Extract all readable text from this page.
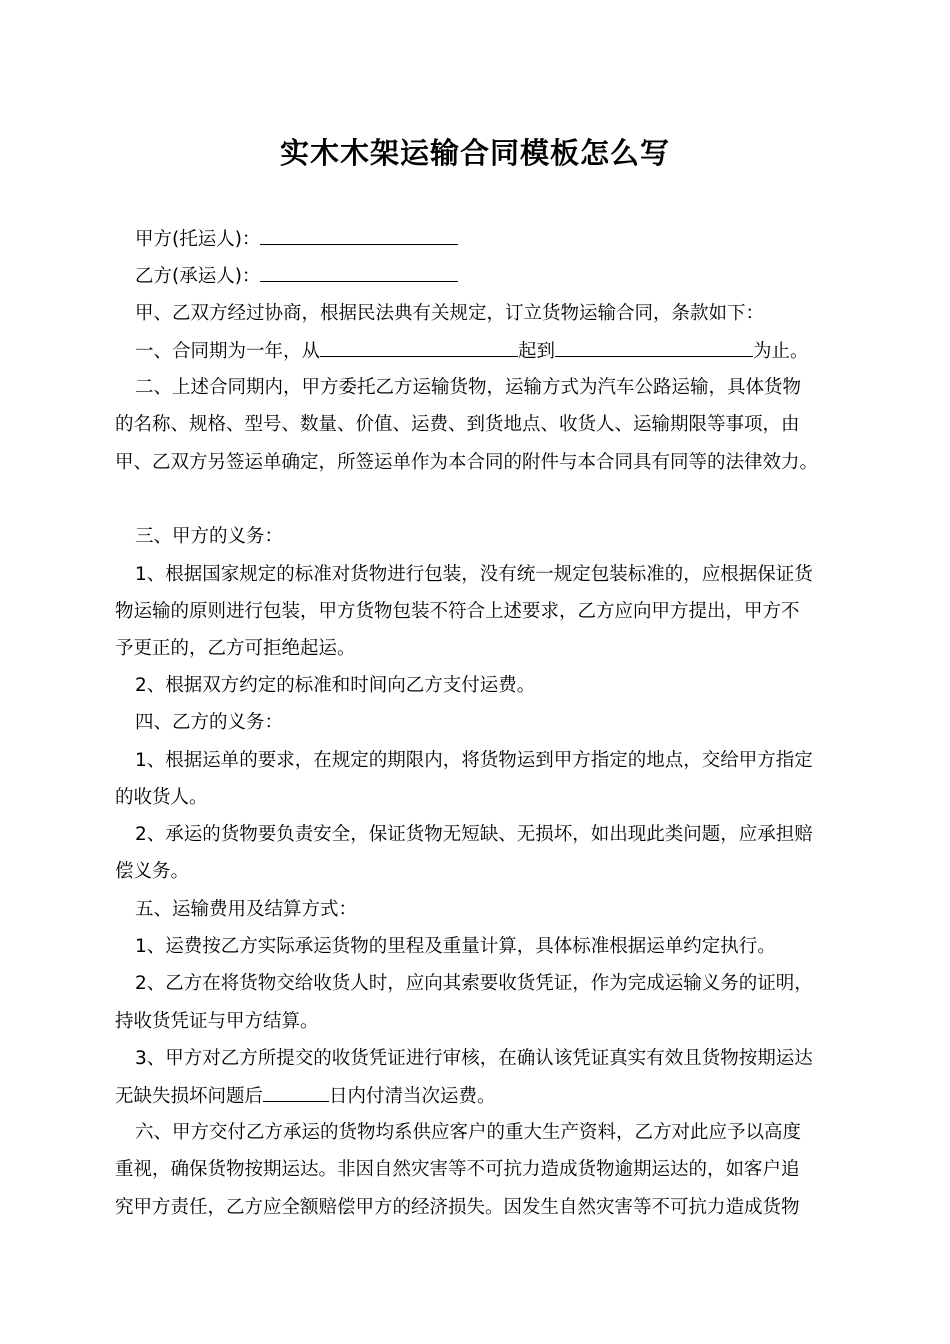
实木木架运输合同模板怎么写
甲方(托运人)：
乙方(承运人)：
甲、乙双方经过协商，根据民法典有关规定，订立货物运输合同，条款如下：
一、合同期为一年，从	起到	为止。
二、上述合同期内，甲方委托乙方运输货物，运输方式为汽车公路运输，具体货物
的名称、规格、型号、数量、价值、运费、到货地点、收货人、运输期限等事项，由
甲、乙双方另签运单确定，所签运单作为本合同的附件与本合同具有同等的法律效力。
三、甲方的义务：
1、根据国家规定的标准对货物进行包装，没有统一规定包装标准的，应根据保证货
物运输的原则进行包装，甲方货物包装不符合上述要求，乙方应向甲方提出，甲方不
予更正的，乙方可拒绝起运。
2、根据双方约定的标准和时间向乙方支付运费。
四、乙方的义务：
1、根据运单的要求，在规定的期限内，将货物运到甲方指定的地点，交给甲方指定
的收货人。
2、承运的货物要负责安全，保证货物无短缺、无损坏，如出现此类问题，应承担赔
偿义务。
五、运输费用及结算方式：
1、运费按乙方实际承运货物的里程及重量计算，具体标准根据运单约定执行。
2、乙方在将货物交给收货人时，应向其索要收货凭证，作为完成运输义务的证明，
持收货凭证与甲方结算。
3、甲方对乙方所提交的收货凭证进行审核，在确认该凭证真实有效且货物按期运达
无缺失损坏问题后	日内付清当次运费。
六、甲方交付乙方承运的货物均系供应客户的重大生产资料，乙方对此应予以高度
重视，确保货物按期运达。非因自然灾害等不可抗力造成货物逾期运达的，如客户追
究甲方责任，乙方应全额赔偿甲方的经济损失。因发生自然灾害等不可抗力造成货物
